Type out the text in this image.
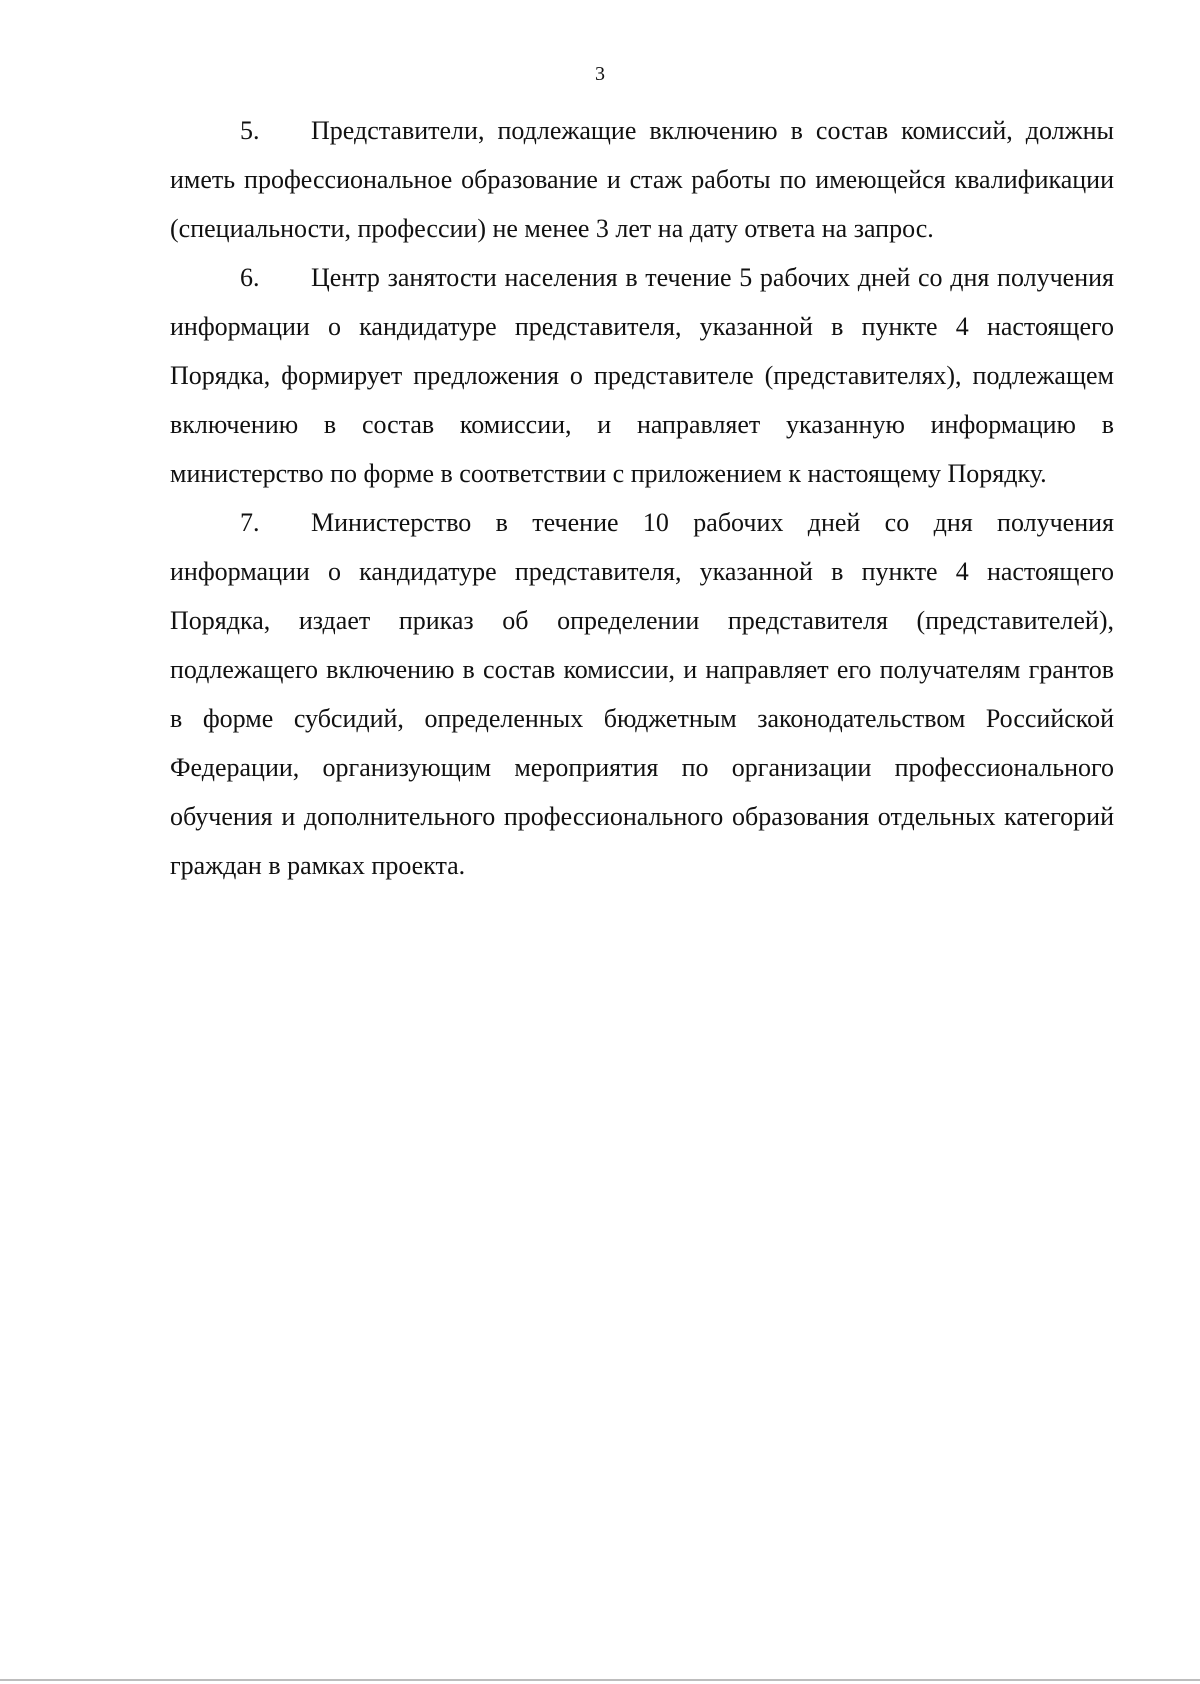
3

5. Представители, подлежащие включению в состав комиссий, должны иметь профессиональное образование и стаж работы по имеющейся квалификации (специальности, профессии) не менее 3 лет на дату ответа на запрос.

6. Центр занятости населения в течение 5 рабочих дней со дня получения информации о кандидатуре представителя, указанной в пункте 4 настоящего Порядка, формирует предложения о представителе (представителях), подлежащем включению в состав комиссии, и направляет указанную информацию в министерство по форме в соответствии с приложением к настоящему Порядку.

7. Министерство в течение 10 рабочих дней со дня получения информации о кандидатуре представителя, указанной в пункте 4 настоящего Порядка, издает приказ об определении представителя (представителей), подлежащего включению в состав комиссии, и направляет его получателям грантов в форме субсидий, определенных бюджетным законодательством Российской Федерации, организующим мероприятия по организации профессионального обучения и дополнительного профессионального образования отдельных категорий граждан в рамках проекта.
